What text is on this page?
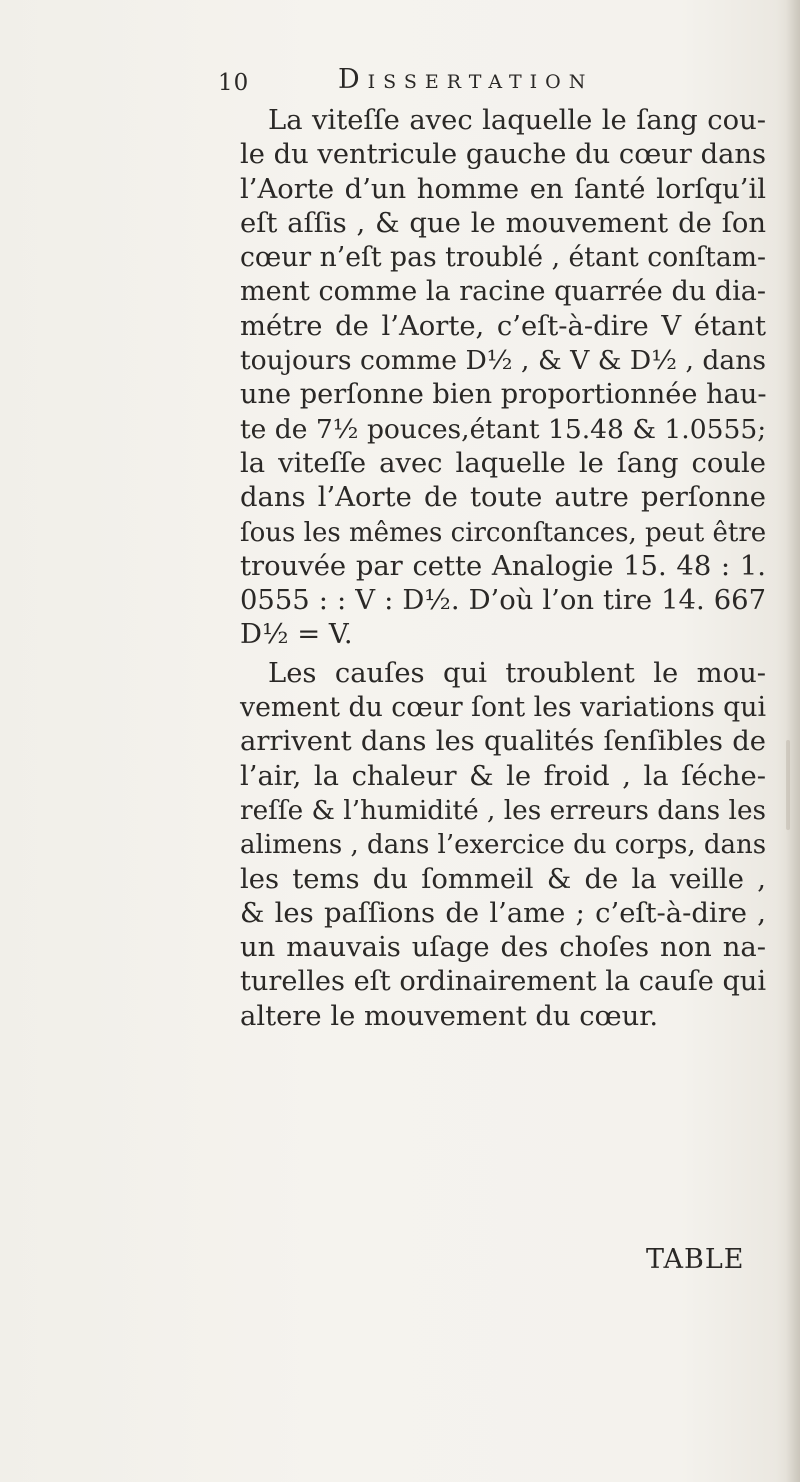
10	Dissertation

La viteſſe avec laquelle le ſang cou-
le du ventricule gauche du cœur dans
l’Aorte d’un homme en ſanté lorſqu’il
eſt aſſis , & que le mouvement de ſon
cœur n’eſt pas troublé , étant conſtam-
ment comme la racine quarrée du dia-
métre de l’Aorte, c’eſt-à-dire V étant
toujours comme D½ , & V & D½ , dans
une perſonne bien proportionnée hau-
te de 7½ pouces,étant 15.48 & 1.0555;
la viteſſe avec laquelle le ſang coule
dans l’Aorte de toute autre perſonne
ſous les mêmes circonſtances, peut être
trouvée par cette Analogie 15. 48 : 1.
0555 : : V : D½. D’où l’on tire 14. 667
D½ = V.

Les cauſes qui troublent le mou-
vement du cœur ſont les variations qui
arrivent dans les qualités ſenſibles de
l’air, la chaleur & le froid , la ſéche-
reſſe & l’humidité , les erreurs dans les
alimens , dans l’exercice du corps, dans
les tems du ſommeil & de la veille ,
& les paſſions de l’ame ; c’eſt-à-dire ,
un mauvais uſage des choſes non na-
turelles eſt ordinairement la cauſe qui
altere le mouvement du cœur.

TABLE
